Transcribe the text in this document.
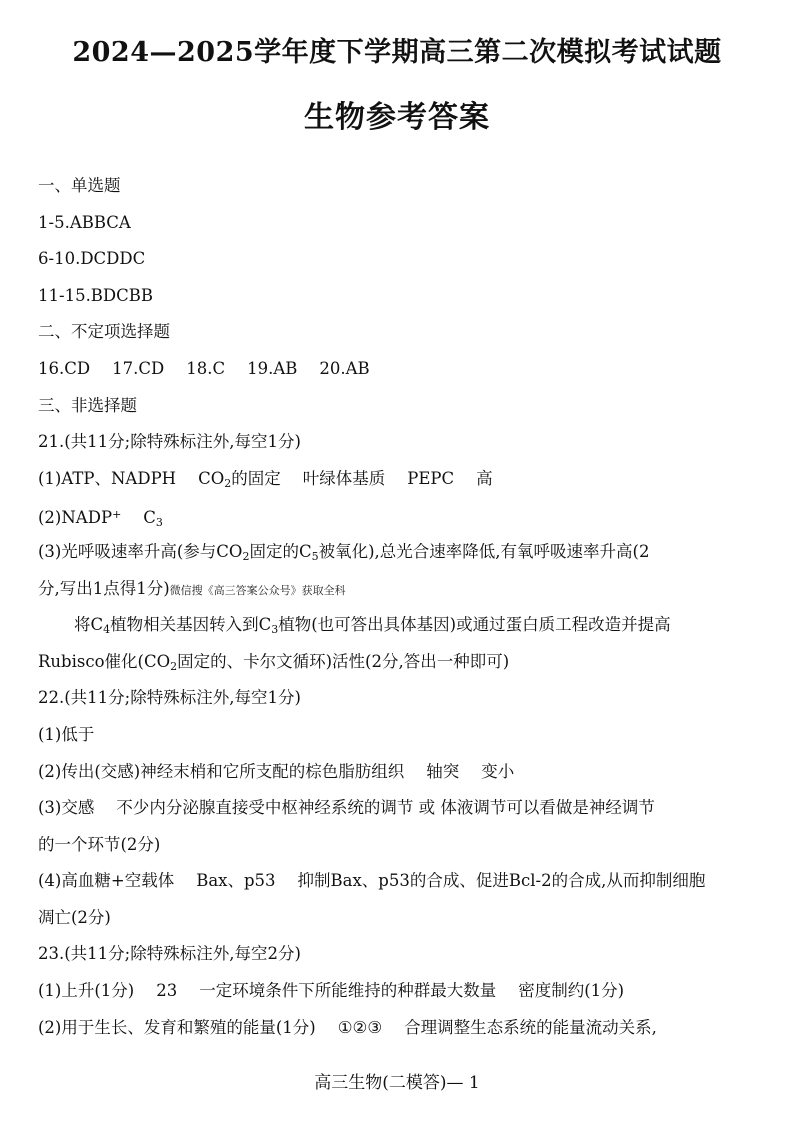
2024—2025学年度下学期高三第二次模拟考试试题
生物参考答案
一、单选题
1-5.ABBCA
6-10.DCDDC
11-15.BDCBB
二、不定项选择题
16.CD 17.CD 18.C 19.AB 20.AB
三、非选择题
21.(共11分;除特殊标注外,每空1分)
(1)ATP、NADPH $CO_2$的固定 叶绿体基质 PEPC 高
(2)NADP+ $C_3$
(3)光呼吸速率升高(参与$CO_2$固定的$C_5$被氧化),总光合速率降低,有氧呼吸速率升高(2
分,写出1点得1分)微信搜《高三答案公众号》获取全科
将$C_4$植物相关基因转入到$C_3$植物(也可答出具体基因)或通过蛋白质工程改造并提高
Rubisco催化($CO_2$固定的、卡尔文循环)活性(2分,答出一种即可)
22.(共11分;除特殊标注外,每空1分)
(1)低于
(2)传出(交感)神经末梢和它所支配的棕色脂肪组织 轴突 变小
(3)交感 不少内分泌腺直接受中枢神经系统的调节 或 体液调节可以看做是神经调节
的一个环节(2分)
(4)高血糖+空载体 Bax、p53 抑制Bax、p53的合成、促进Bcl-2的合成,从而抑制细胞
凋亡(2分)
23.(共11分;除特殊标注外,每空2分)
(1)上升(1分) 23 一定环境条件下所能维持的种群最大数量 密度制约(1分)
(2)用于生长、发育和繁殖的能量(1分) ①②③ 合理调整生态系统的能量流动关系,
高三生物(二模答)— 1
